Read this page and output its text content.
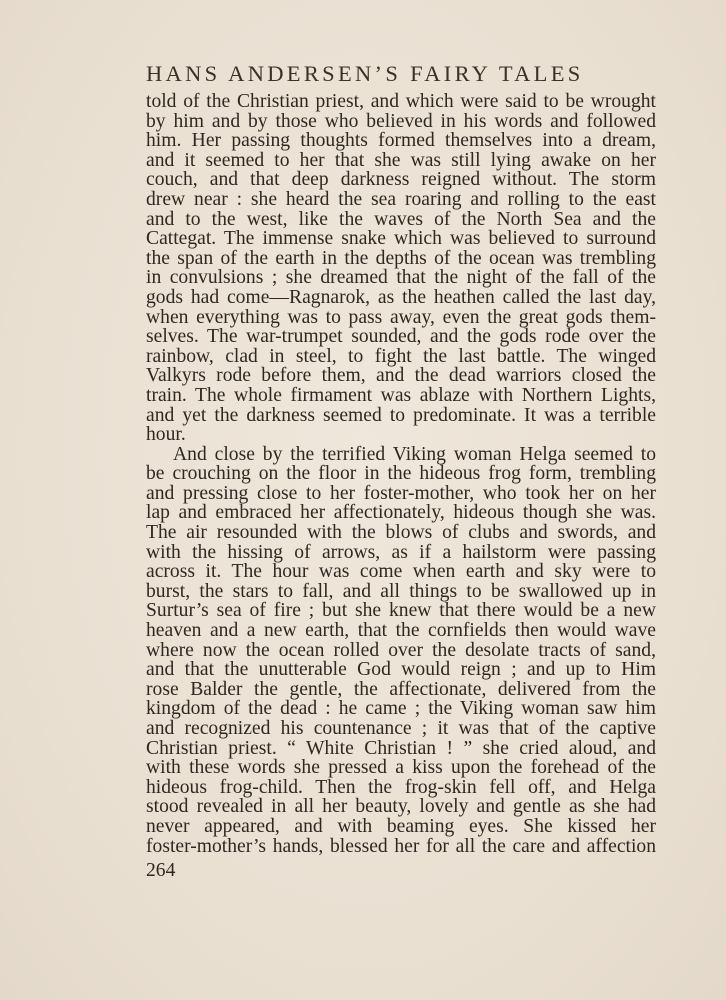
HANS ANDERSEN’S FAIRY TALES
told of the Christian priest, and which were said to be wrought
by him and by those who believed in his words and followed
him. Her passing thoughts formed themselves into a dream,
and it seemed to her that she was still lying awake on her
couch, and that deep darkness reigned without. The storm
drew near : she heard the sea roaring and rolling to the east
and to the west, like the waves of the North Sea and the
Cattegat. The immense snake which was believed to surround
the span of the earth in the depths of the ocean was trembling
in convulsions ; she dreamed that the night of the fall of the
gods had come—Ragnarok, as the heathen called the last day,
when everything was to pass away, even the great gods them-
selves. The war-trumpet sounded, and the gods rode over the
rainbow, clad in steel, to fight the last battle. The winged
Valkyrs rode before them, and the dead warriors closed the
train. The whole firmament was ablaze with Northern Lights,
and yet the darkness seemed to predominate. It was a terrible
hour.
And close by the terrified Viking woman Helga seemed to
be crouching on the floor in the hideous frog form, trembling
and pressing close to her foster-mother, who took her on her
lap and embraced her affectionately, hideous though she was.
The air resounded with the blows of clubs and swords, and
with the hissing of arrows, as if a hailstorm were passing
across it. The hour was come when earth and sky were to
burst, the stars to fall, and all things to be swallowed up in
Surtur’s sea of fire ; but she knew that there would be a new
heaven and a new earth, that the cornfields then would wave
where now the ocean rolled over the desolate tracts of sand,
and that the unutterable God would reign ; and up to Him
rose Balder the gentle, the affectionate, delivered from the
kingdom of the dead : he came ; the Viking woman saw him
and recognized his countenance ; it was that of the captive
Christian priest. “ White Christian ! ” she cried aloud, and
with these words she pressed a kiss upon the forehead of the
hideous frog-child. Then the frog-skin fell off, and Helga
stood revealed in all her beauty, lovely and gentle as she had
never appeared, and with beaming eyes. She kissed her
foster-mother’s hands, blessed her for all the care and affection
264
